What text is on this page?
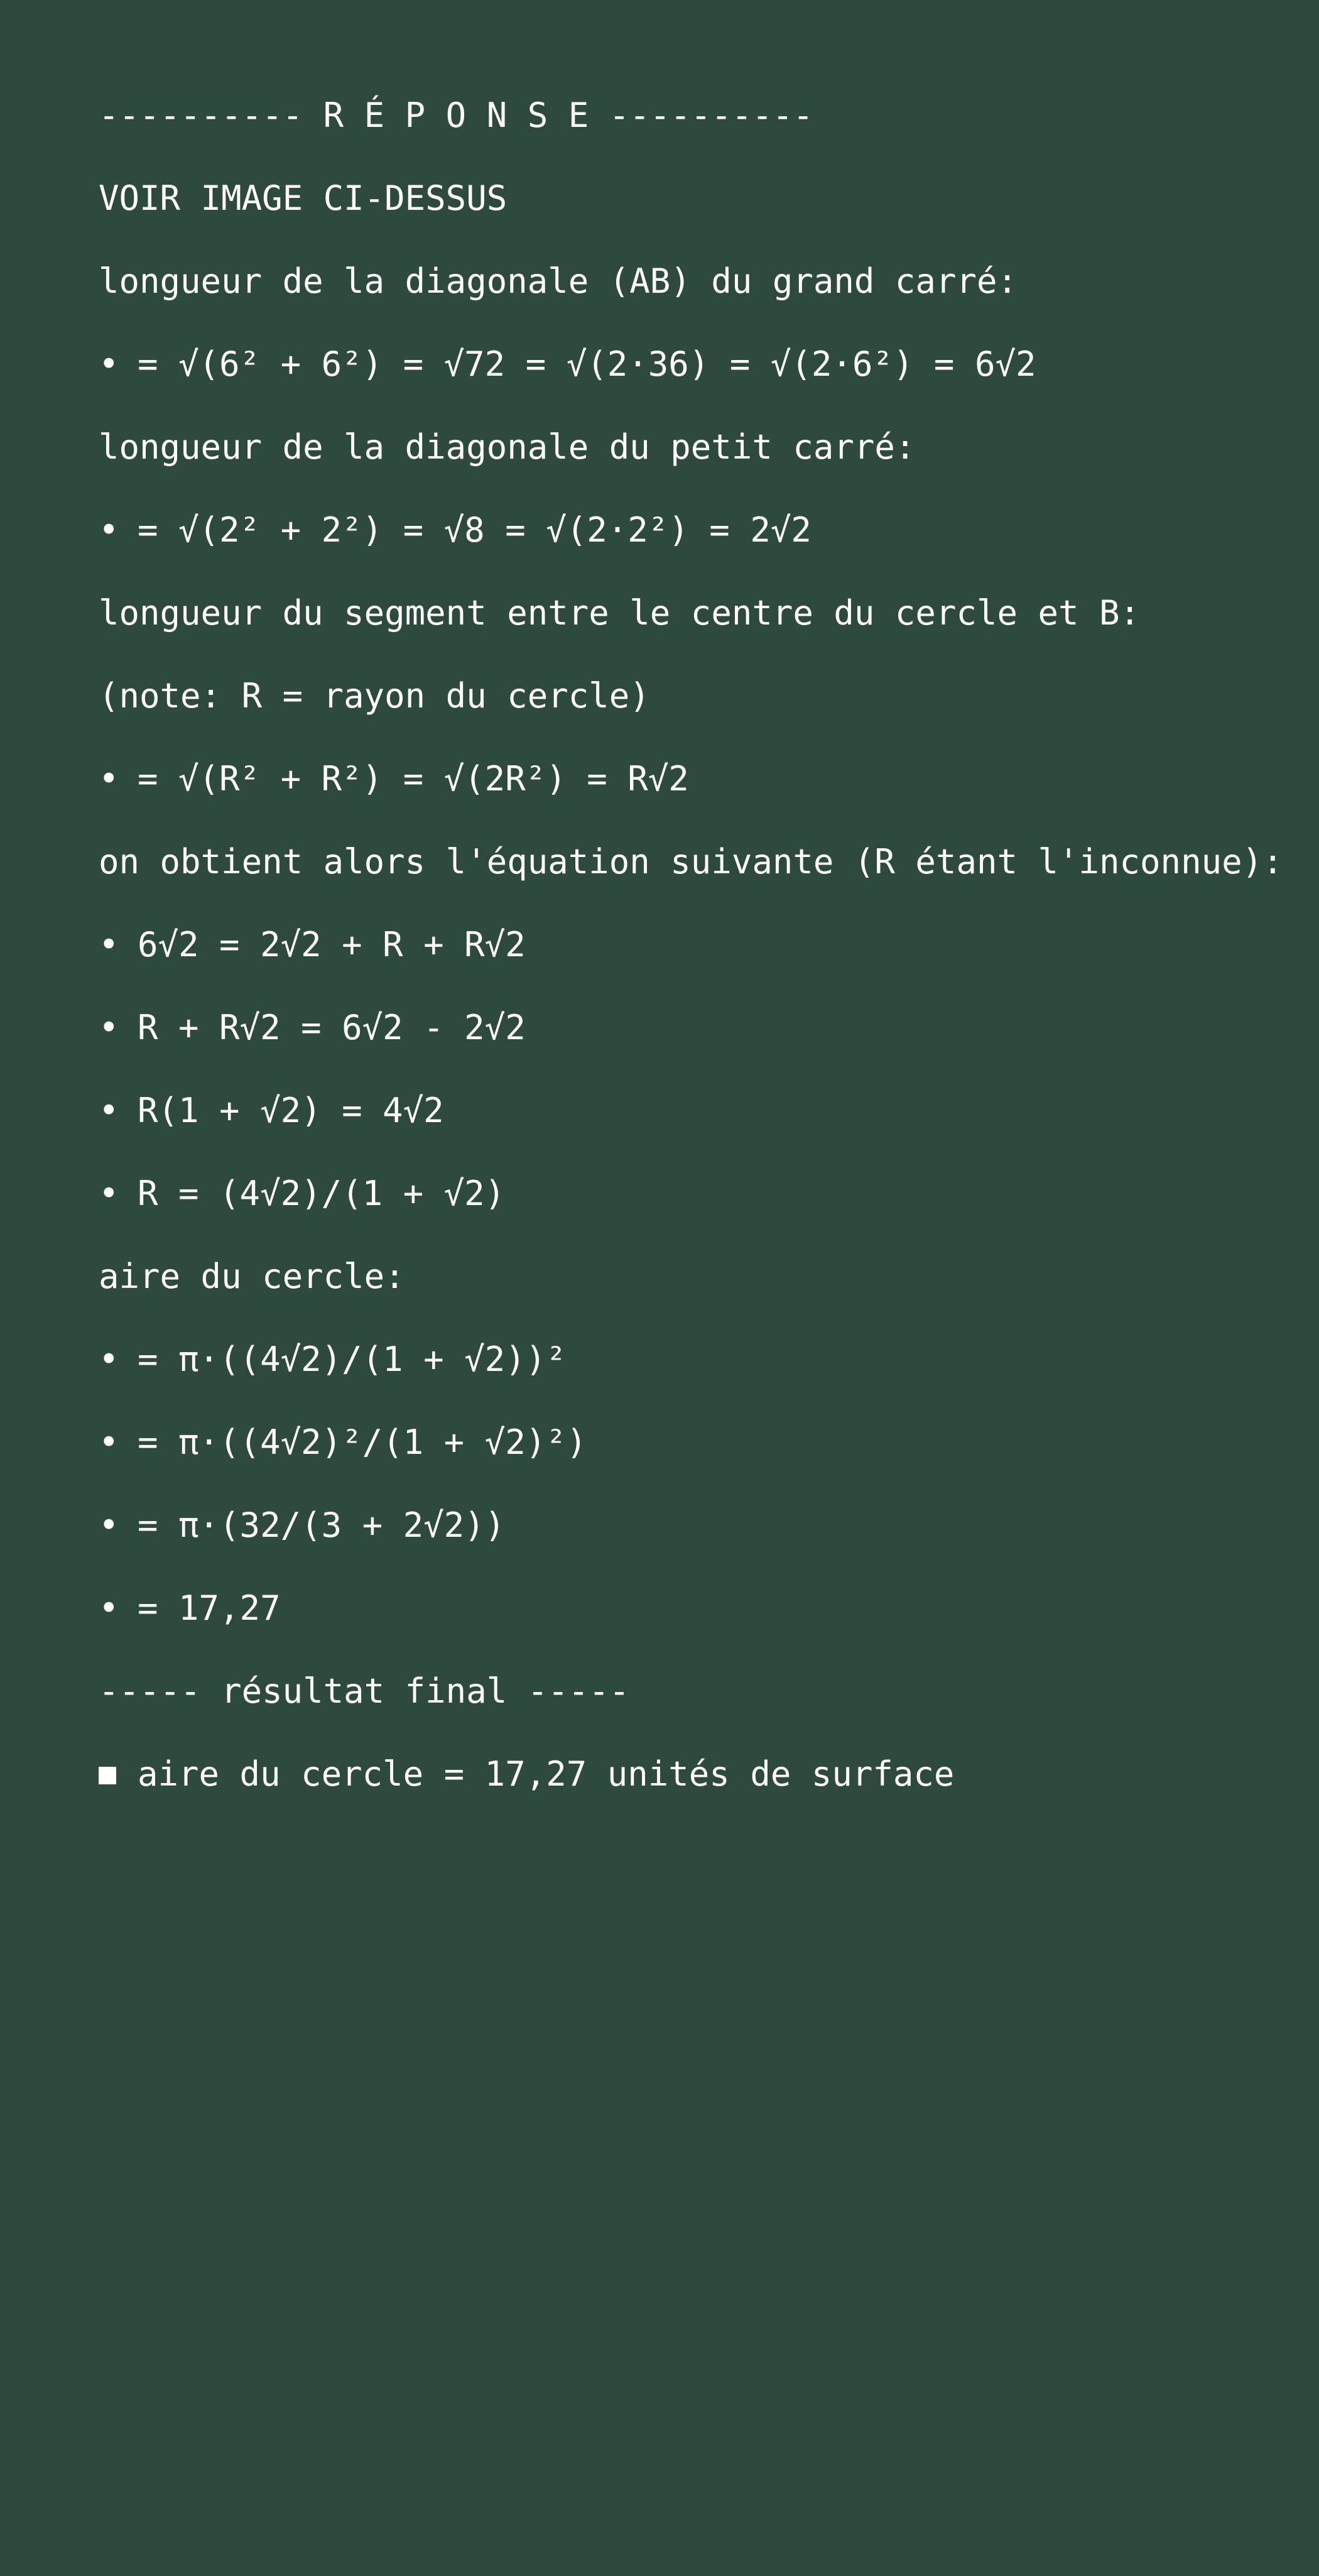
---------- R É P O N S E ----------
VOIR IMAGE CI-DESSUS
longueur de la diagonale (AB) du grand carré:
• = √(6² + 6²) = √72 = √(2·36) = √(2·6²) = 6√2
longueur de la diagonale du petit carré:
• = √(2² + 2²) = √8 = √(2·2²) = 2√2
longueur du segment entre le centre du cercle et B:
(note: R = rayon du cercle)
• = √(R² + R²) = √(2R²) = R√2
on obtient alors l'équation suivante (R étant l'inconnue):
• 6√2 = 2√2 + R + R√2
• R + R√2 = 6√2 - 2√2
• R(1 + √2) = 4√2
• R = (4√2)/(1 + √2)
aire du cercle:
• = π·((4√2)/(1 + √2))²
• = π·((4√2)²/(1 + √2)²)
• = π·(32/(3 + 2√2))
• = 17,27
----- résultat final -----
aire du cercle = 17,27 unités de surface
